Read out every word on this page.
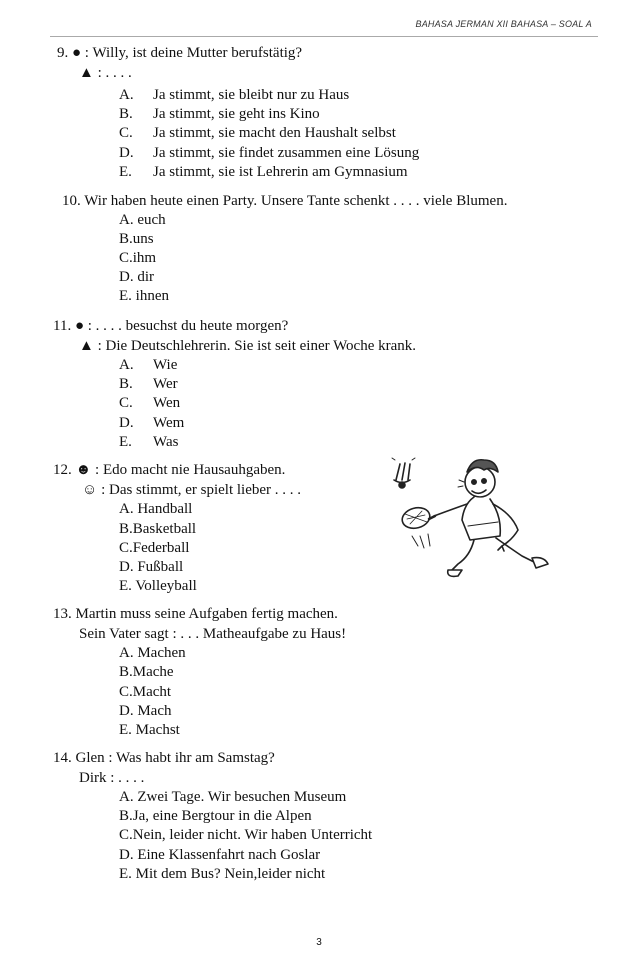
BAHASA JERMAN XII BAHASA – SOAL A
9. ● : Willy, ist deine Mutter berufstätig?
▲ : . . . .
A. Ja stimmt, sie bleibt nur zu Haus
B. Ja stimmt, sie geht ins Kino
C. Ja stimmt, sie macht den Haushalt selbst
D. Ja stimmt, sie findet zusammen eine Lösung
E. Ja stimmt, sie ist Lehrerin am Gymnasium
10. Wir haben heute einen Party. Unsere Tante schenkt . . . . viele Blumen.
A. euch
B.uns
C.ihm
D. dir
E. ihnen
11. ● : . . . . besuchst du heute morgen?
▲ : Die Deutschlehrerin. Sie ist seit einer Woche krank.
A. Wie
B. Wer
C. Wen
D. Wem
E. Was
12. ☻ : Edo macht nie Hausauhgaben.
☺ : Das stimmt, er spielt lieber . . . .
A. Handball
B.Basketball
C.Federball
D. Fußball
E. Volleyball
13. Martin muss seine Aufgaben fertig machen.
Sein Vater sagt : . . . Matheaufgabe zu Haus!
A. Machen
B.Mache
C.Macht
D. Mach
E. Machst
14. Glen : Was habt ihr am Samstag?
Dirk : . . . .
A. Zwei Tage. Wir besuchen Museum
B.Ja, eine Bergtour in die Alpen
C.Nein, leider nicht. Wir haben Unterricht
D. Eine Klassenfahrt nach Goslar
E. Mit dem Bus? Nein,leider nicht
3
